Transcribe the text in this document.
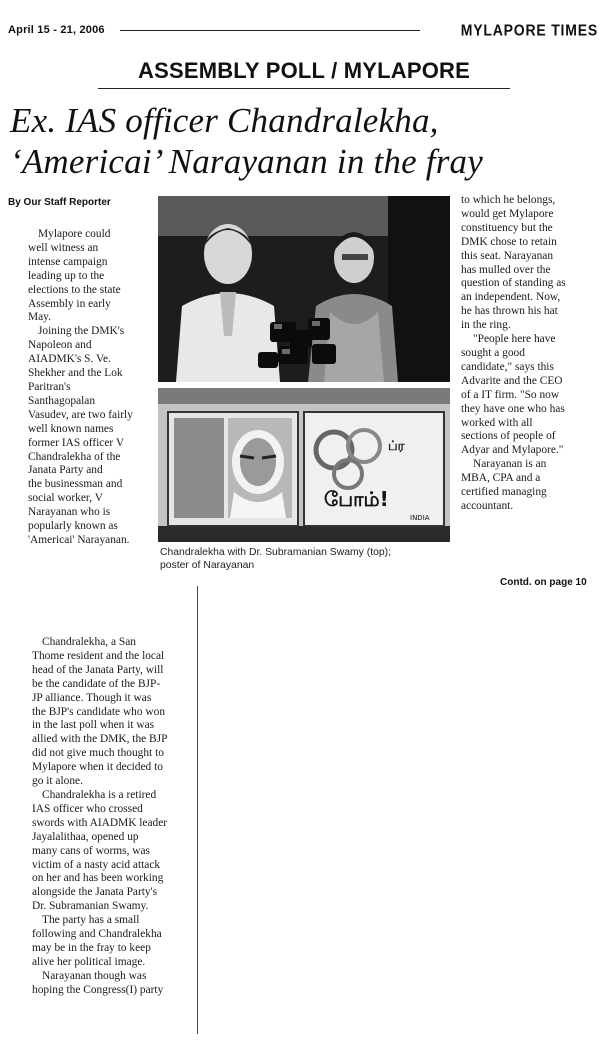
April 15 - 21, 2006	MYLAPORE TIMES
ASSEMBLY POLL / MYLAPORE
Ex. IAS officer Chandralekha,
‘Americai’ Narayanan in the fray
By Our Staff Reporter
Mylapore could
well witness an
intense campaign
leading up to the
elections to the state
Assembly in early
May.
Joining the DMK's
Napoleon and
AIADMK's S. Ve.
Shekher and the Lok
Paritran's
Santhagopalan
Vasudev, are two fairly
well known names
former IAS officer V
Chandralekha of the
Janata Party and
the businessman and
social worker, V
Narayanan who is
popularly known as
'Americai' Narayanan.
Chandralekha, a San
Thome resident and the local
head of the Janata Party, will
be the candidate of the BJP-
JP alliance. Though it was
the BJP's candidate who won
in the last poll when it was
allied with the DMK, the BJP
did not give much thought to
Mylapore when it decided to
go it alone.
Chandralekha is a retired
IAS officer who crossed
swords with AIADMK leader
Jayalalithaa, opened up
many cans of worms, was
victim of a nasty acid attack
on her and has been working
alongside the Janata Party's
Dr. Subramanian Swamy.
The party has a small
following and Chandralekha
may be in the fray to keep
alive her political image.
Narayanan though was
hoping the Congress(I) party
ப்ர
போம்!
INDIA
Chandralekha with Dr. Subramanian Swamy (top);
poster of Narayanan
to which he belongs,
would get Mylapore
constituency but the
DMK chose to retain
this seat. Narayanan
has mulled over the
question of standing as
an independent. Now,
he has thrown his hat
in the ring.
"People here have
sought a good
candidate," says this
Advarite and the CEO
of a IT firm. "So now
they have one who has
worked with all
sections of people of
Adyar and Mylapore."
Narayanan is an
MBA, CPA and a
certified managing
accountant.
Contd. on page 10
